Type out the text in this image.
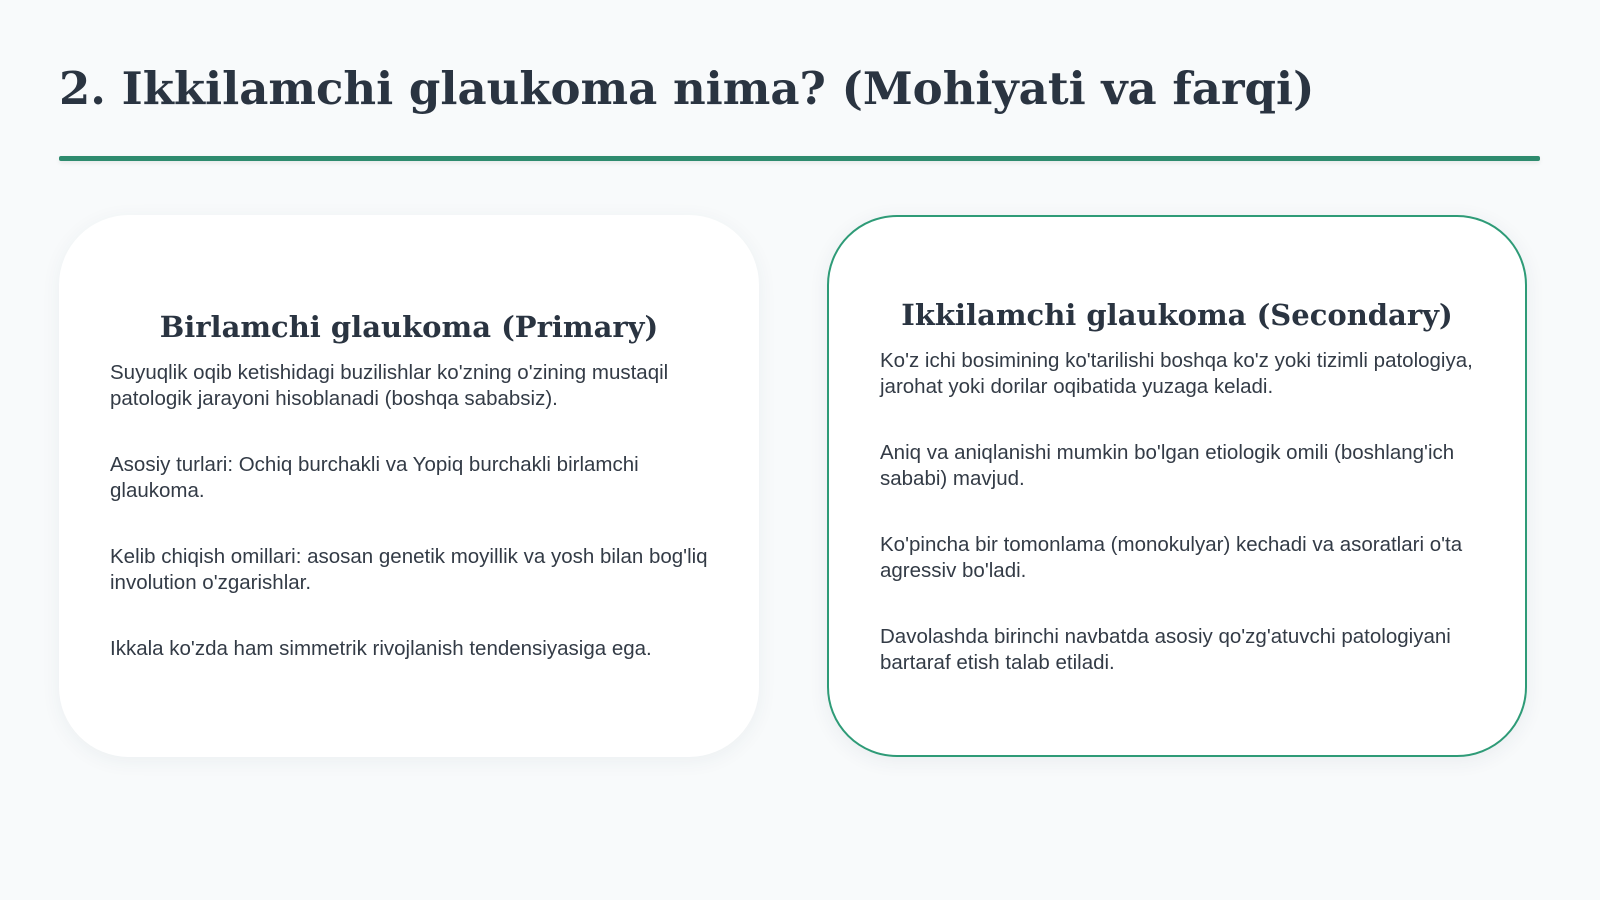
2. Ikkilamchi glaukoma nima? (Mohiyati va farqi)
Birlamchi glaukoma (Primary)
Suyuqlik oqib ketishidagi buzilishlar ko'zning o'zining mustaqil patologik jarayoni hisoblanadi (boshqa sababsiz).
Asosiy turlari: Ochiq burchakli va Yopiq burchakli birlamchi glaukoma.
Kelib chiqish omillari: asosan genetik moyillik va yosh bilan bog'liq involution o'zgarishlar.
Ikkala ko'zda ham simmetrik rivojlanish tendensiyasiga ega.
Ikkilamchi glaukoma (Secondary)
Ko'z ichi bosimining ko'tarilishi boshqa ko'z yoki tizimli patologiya, jarohat yoki dorilar oqibatida yuzaga keladi.
Aniq va aniqlanishi mumkin bo'lgan etiologik omili (boshlang'ich sababi) mavjud.
Ko'pincha bir tomonlama (monokulyar) kechadi va asoratlari o'ta agressiv bo'ladi.
Davolashda birinchi navbatda asosiy qo'zg'atuvchi patologiyani bartaraf etish talab etiladi.
